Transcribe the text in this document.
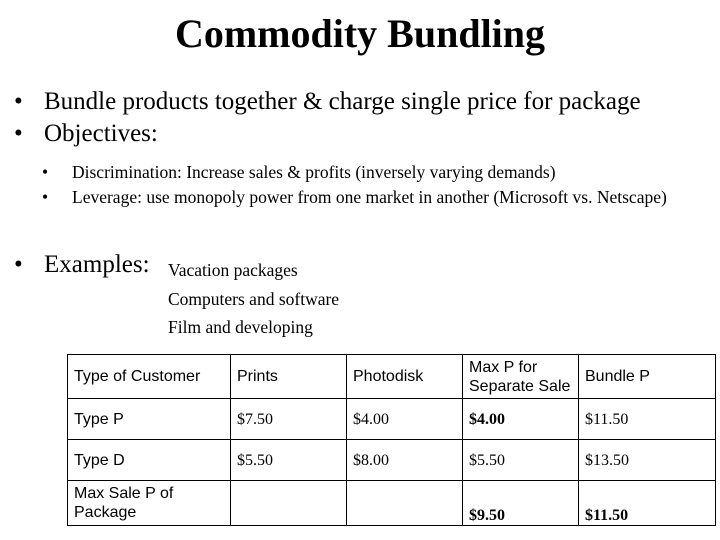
Commodity Bundling
• Bundle products together & charge single price for package
• Objectives:
• Discrimination: Increase sales & profits (inversely varying demands)
• Leverage: use monopoly power from one market in another (Microsoft vs. Netscape)
• Examples: Vacation packages
Computers and software
Film and developing
Type of Customer	Prints	Photodisk	Max P for Separate Sale	Bundle P
Type P	$7.50	$4.00	$4.00	$11.50
Type D	$5.50	$8.00	$5.50	$13.50
Max Sale P of Package			$9.50	$11.50
